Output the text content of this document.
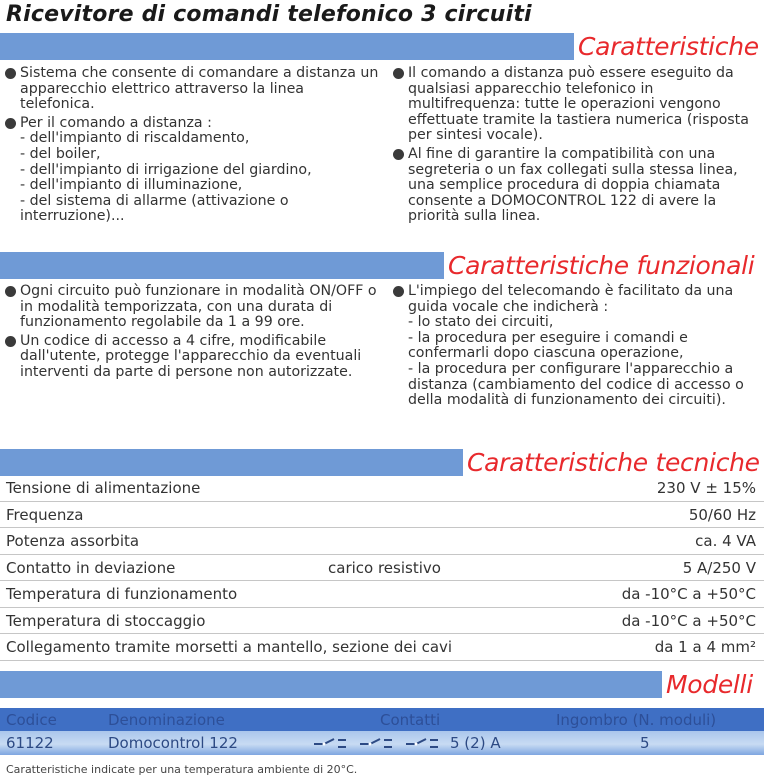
Ricevitore di comandi telefonico 3 circuiti
Caratteristiche
Sistema che consente di comandare a distanza un apparecchio elettrico attraverso la linea telefonica.
Per il comando a distanza :
- dell'impianto di riscaldamento,
- del boiler,
- dell'impianto di irrigazione del giardino,
- dell'impianto di illuminazione,
- del sistema di allarme (attivazione o interruzione)...
Il comando a distanza può essere eseguito da qualsiasi apparecchio telefonico in multifrequenza: tutte le operazioni vengono effettuate tramite la tastiera numerica (risposta per sintesi vocale).
Al fine di garantire la compatibilità con una segreteria o un fax collegati sulla stessa linea, una semplice procedura di doppia chiamata consente a DOMOCONTROL 122 di avere la priorità sulla linea.
Caratteristiche funzionali
Ogni circuito può funzionare in modalità ON/OFF o in modalità temporizzata, con una durata di funzionamento regolabile da 1 a 99 ore.
Un codice di accesso a 4 cifre, modificabile dall'utente, protegge l'apparecchio da eventuali interventi da parte di persone non autorizzate.
L'impiego del telecomando è facilitato da una guida vocale che indicherà :
- lo stato dei circuiti,
- la procedura per eseguire i comandi e confermarli dopo ciascuna operazione,
- la procedura per configurare l'apparecchio a distanza (cambiamento del codice di accesso o della modalità di funzionamento dei circuiti).
Caratteristiche tecniche
Tensione di alimentazione	230 V ± 15%
Frequenza	50/60 Hz
Potenza assorbita	ca. 4 VA
Contatto in deviazione	carico resistivo	5 A/250 V
Temperatura di funzionamento	da -10°C a +50°C
Temperatura di stoccaggio	da -10°C a +50°C
Collegamento tramite morsetti a mantello, sezione dei cavi	da 1 a 4 mm²
Modelli
Codice	Denominazione	Contatti	Ingombro (N. moduli)
61122	Domocontrol 122	5 (2) A	5
Caratteristiche indicate per una temperatura ambiente di 20°C.
